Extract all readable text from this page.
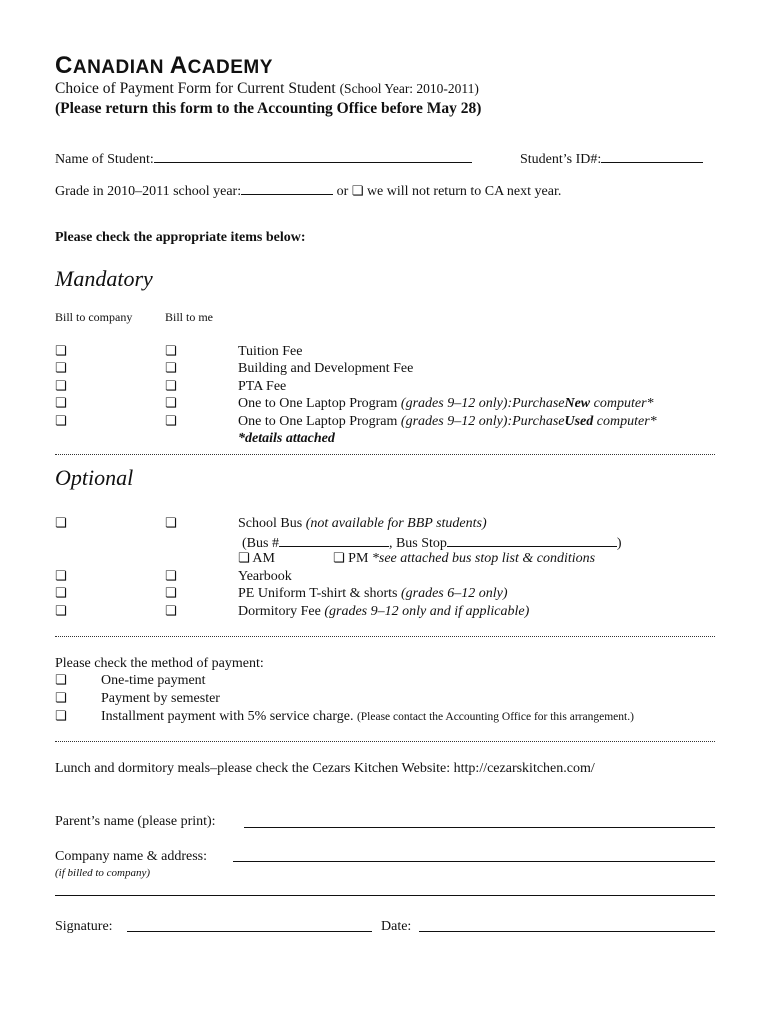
CANADIAN ACADEMY
Choice of Payment Form for Current Student (School Year: 2010-2011)
(Please return this form to the Accounting Office before May 28)
Name of Student:	Student’s ID#:
Grade in 2010–2011 school year:	or ❏ we will not return to CA next year.
Please check the appropriate items below:
Mandatory
Bill to company	Bill to me
❏	❏	Tuition Fee
❏	❏	Building and Development Fee
❏	❏	PTA Fee
❏	❏	One to One Laptop Program (grades 9–12 only):PurchaseNew computer*
❏	❏	One to One Laptop Program (grades 9–12 only):PurchaseUsed computer*
*details attached
Optional
❏	❏	School Bus (not available for BBP students)
(Bus #	, Bus Stop	)
❏ AM	❏ PM *see attached bus stop list & conditions
❏	❏	Yearbook
❏	❏	PE Uniform T-shirt & shorts (grades 6–12 only)
❏	❏	Dormitory Fee (grades 9–12 only and if applicable)
Please check the method of payment:
❏ One-time payment
❏ Payment by semester
❏ Installment payment with 5% service charge. (Please contact the Accounting Office for this arrangement.)
Lunch and dormitory meals–please check the Cezars Kitchen Website: http://cezarskitchen.com/
Parent’s name (please print):
Company name & address:
(if billed to company)
Signature:	Date:
